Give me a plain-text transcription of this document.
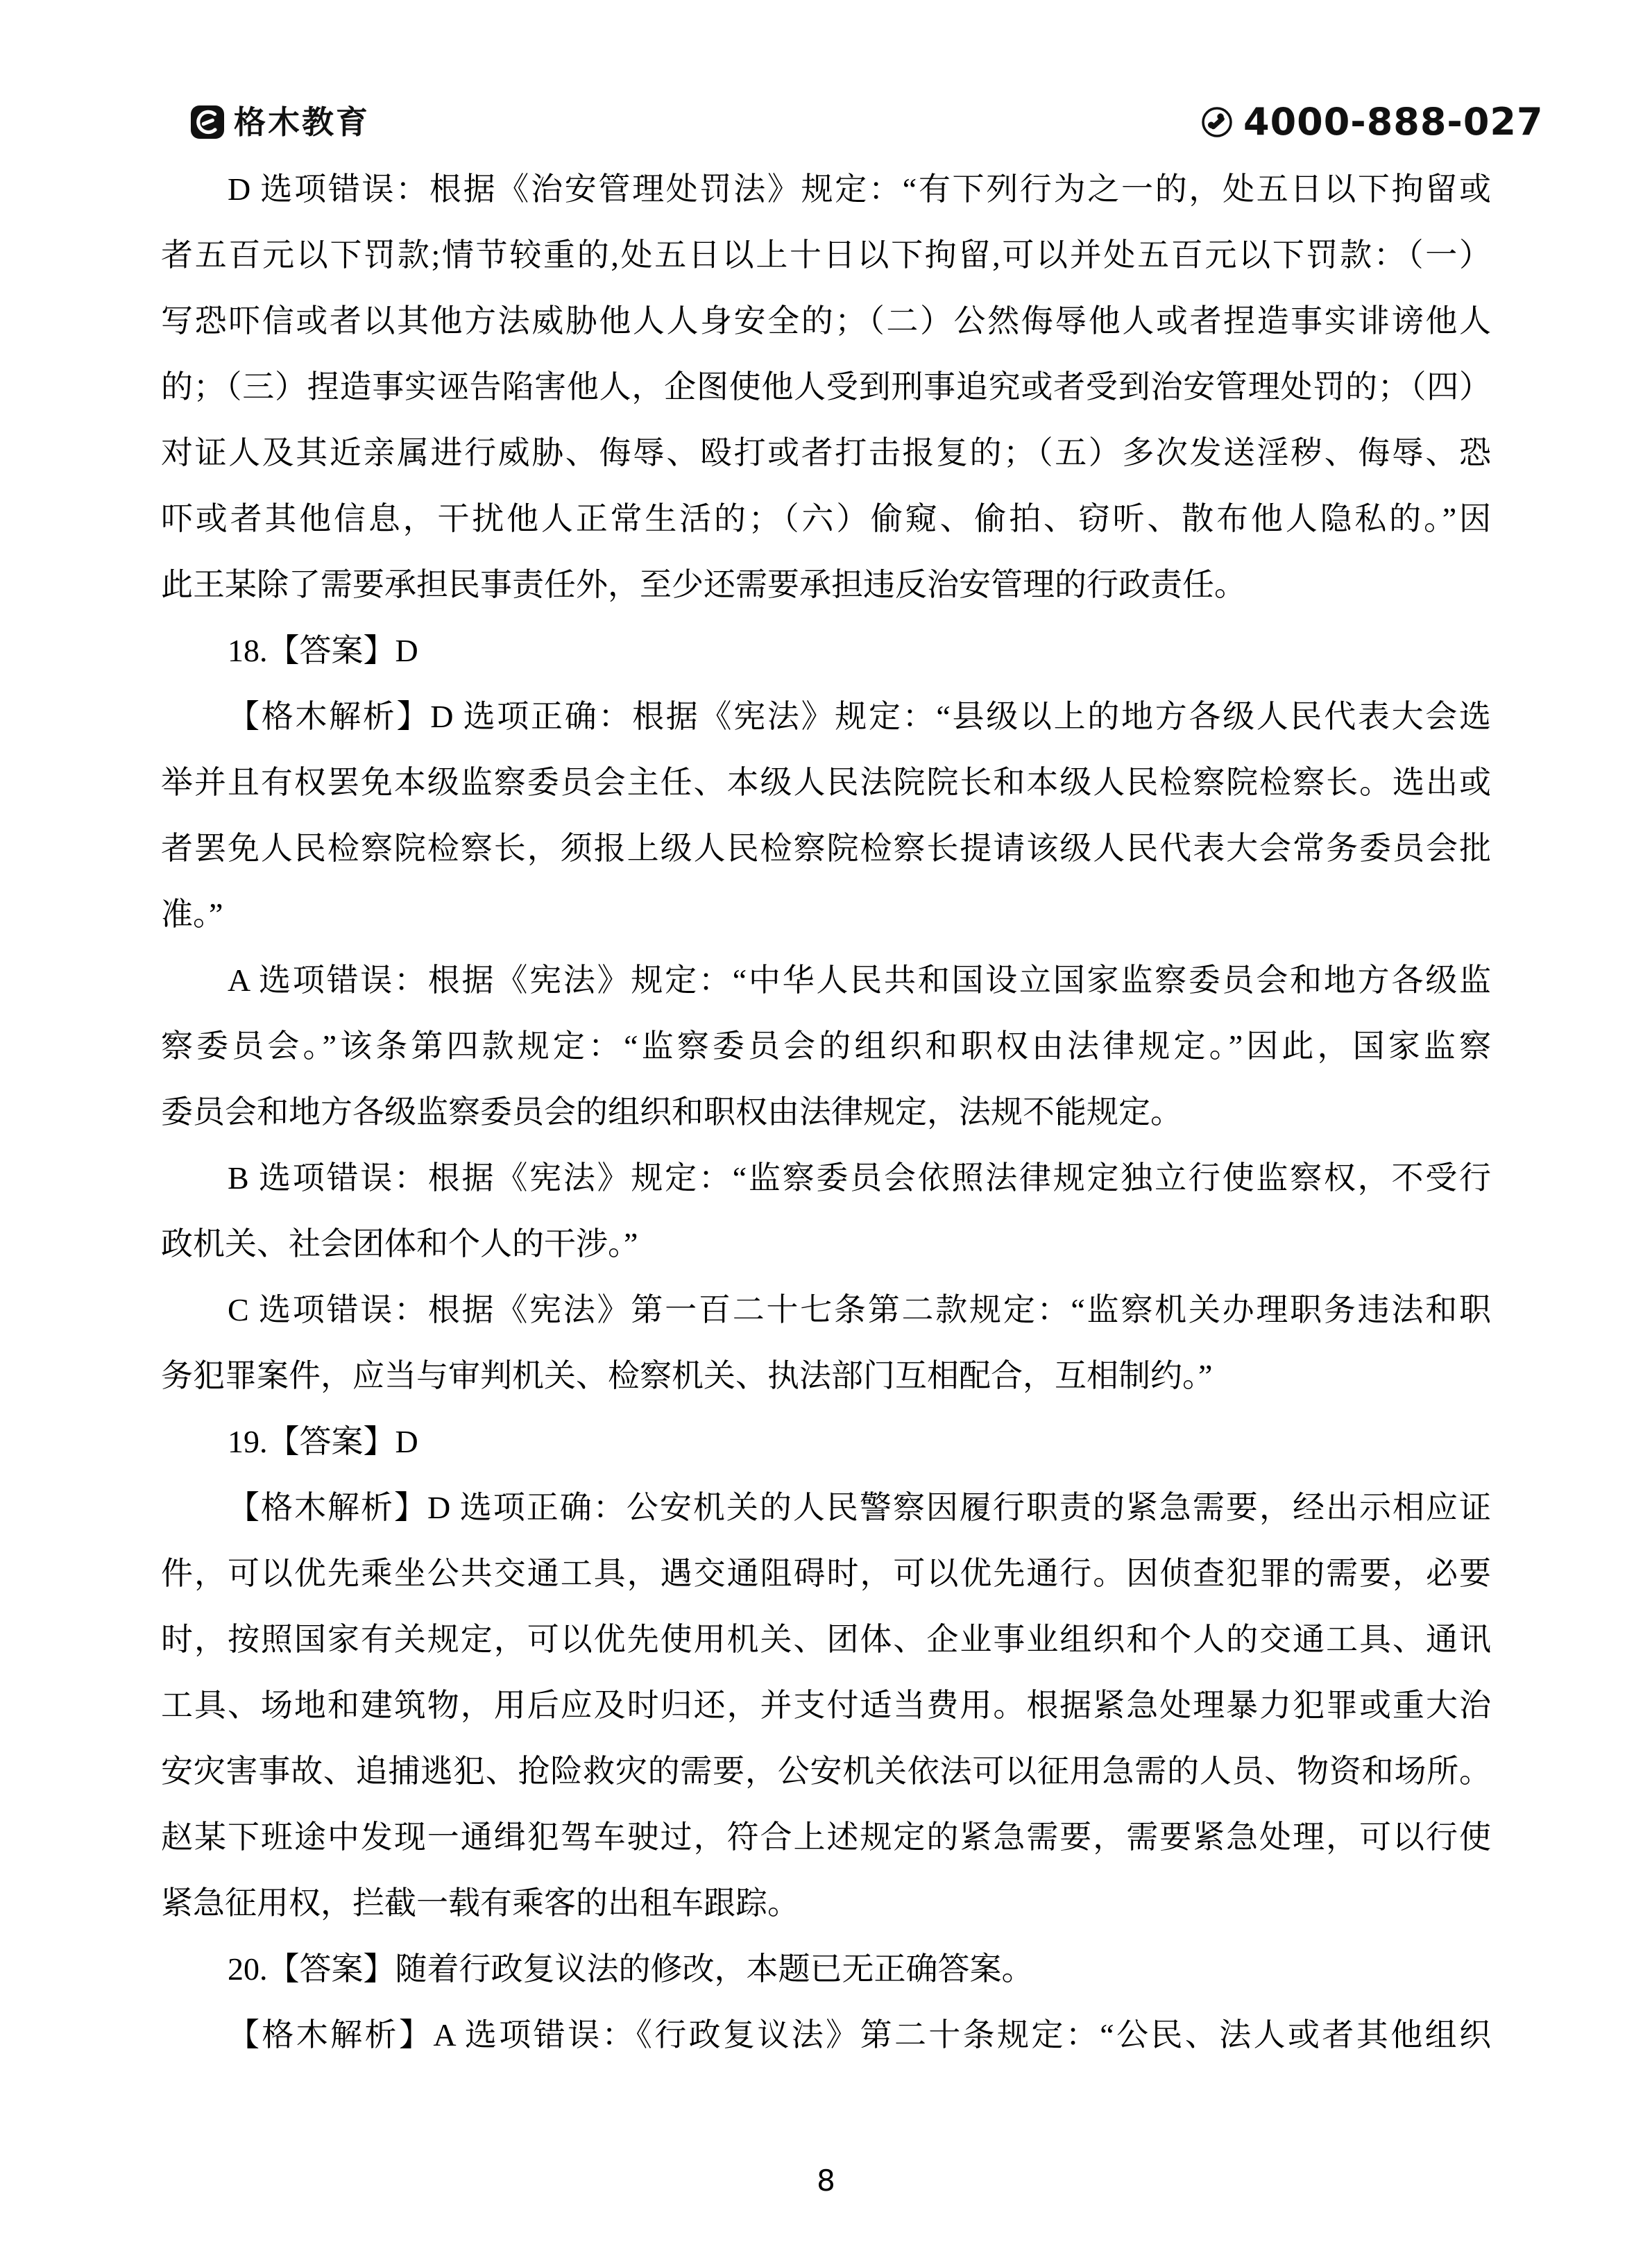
格木教育	4000-888-027
D 选项错误：根据《治安管理处罚法》规定：“有下列行为之一的，处五日以下拘留或
者五百元以下罚款;情节较重的,处五日以上十日以下拘留,可以并处五百元以下罚款：（一）
写恐吓信或者以其他方法威胁他人人身安全的；（二）公然侮辱他人或者捏造事实诽谤他人
的；（三）捏造事实诬告陷害他人，企图使他人受到刑事追究或者受到治安管理处罚的；（四）
对证人及其近亲属进行威胁、侮辱、殴打或者打击报复的；（五）多次发送淫秽、侮辱、恐
吓或者其他信息，干扰他人正常生活的；（六）偷窥、偷拍、窃听、散布他人隐私的。”因
此王某除了需要承担民事责任外，至少还需要承担违反治安管理的行政责任。
18.【答案】D
【格木解析】D 选项正确：根据《宪法》规定：“县级以上的地方各级人民代表大会选
举并且有权罢免本级监察委员会主任、本级人民法院院长和本级人民检察院检察长。选出或
者罢免人民检察院检察长，须报上级人民检察院检察长提请该级人民代表大会常务委员会批
准。”
A 选项错误：根据《宪法》规定：“中华人民共和国设立国家监察委员会和地方各级监
察委员会。”该条第四款规定：“监察委员会的组织和职权由法律规定。”因此，国家监察
委员会和地方各级监察委员会的组织和职权由法律规定，法规不能规定。
B 选项错误：根据《宪法》规定：“监察委员会依照法律规定独立行使监察权，不受行
政机关、社会团体和个人的干涉。”
C 选项错误：根据《宪法》第一百二十七条第二款规定：“监察机关办理职务违法和职
务犯罪案件，应当与审判机关、检察机关、执法部门互相配合，互相制约。”
19.【答案】D
【格木解析】D 选项正确：公安机关的人民警察因履行职责的紧急需要，经出示相应证
件，可以优先乘坐公共交通工具，遇交通阻碍时，可以优先通行。因侦查犯罪的需要，必要
时，按照国家有关规定，可以优先使用机关、团体、企业事业组织和个人的交通工具、通讯
工具、场地和建筑物，用后应及时归还，并支付适当费用。根据紧急处理暴力犯罪或重大治
安灾害事故、追捕逃犯、抢险救灾的需要，公安机关依法可以征用急需的人员、物资和场所。
赵某下班途中发现一通缉犯驾车驶过，符合上述规定的紧急需要，需要紧急处理，可以行使
紧急征用权，拦截一载有乘客的出租车跟踪。
20.【答案】随着行政复议法的修改，本题已无正确答案。
【格木解析】A 选项错误：《行政复议法》第二十条规定：“公民、法人或者其他组织
8
